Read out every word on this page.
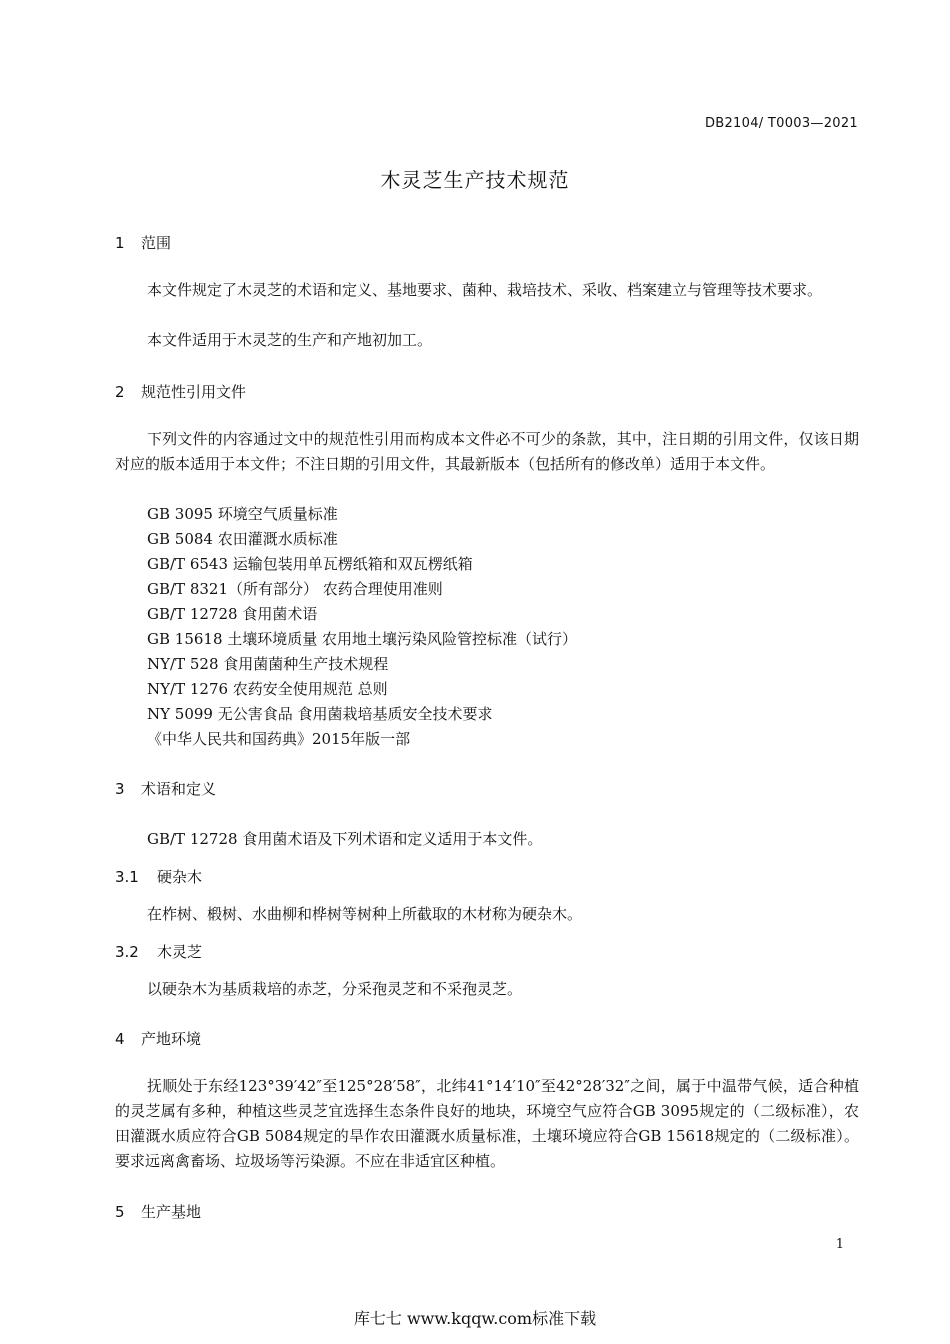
DB2104/ T0003—2021
木灵芝生产技术规范
1 范围
本文件规定了木灵芝的术语和定义、基地要求、菌种、栽培技术、采收、档案建立与管理等技术要求。
本文件适用于木灵芝的生产和产地初加工。
2 规范性引用文件
下列文件的内容通过文中的规范性引用而构成本文件必不可少的条款，其中，注日期的引用文件，仅该日期对应的版本适用于本文件；不注日期的引用文件，其最新版本（包括所有的修改单）适用于本文件。
GB 3095 环境空气质量标准
GB 5084 农田灌溉水质标准
GB/T 6543 运输包装用单瓦楞纸箱和双瓦楞纸箱
GB/T 8321（所有部分） 农药合理使用准则
GB/T 12728 食用菌术语
GB 15618 土壤环境质量 农用地土壤污染风险管控标准（试行）
NY/T 528 食用菌菌种生产技术规程
NY/T 1276 农药安全使用规范 总则
NY 5099 无公害食品 食用菌栽培基质安全技术要求
《中华人民共和国药典》2015年版一部
3 术语和定义
GB/T 12728 食用菌术语及下列术语和定义适用于本文件。
3.1 硬杂木
在柞树、椴树、水曲柳和桦树等树种上所截取的木材称为硬杂木。
3.2 木灵芝
以硬杂木为基质栽培的赤芝，分采孢灵芝和不采孢灵芝。
4 产地环境
抚顺处于东经123°39′42″至125°28′58″，北纬41°14′10″至42°28′32″之间，属于中温带气候，适合种植的灵芝属有多种，种植这些灵芝宜选择生态条件良好的地块，环境空气应符合GB 3095规定的（二级标准），农田灌溉水质应符合GB 5084规定的旱作农田灌溉水质量标准，土壤环境应符合GB 15618规定的（二级标准）。要求远离禽畜场、垃圾场等污染源。不应在非适宜区种植。
5 生产基地
1
库七七 www.kqqw.com标准下载
